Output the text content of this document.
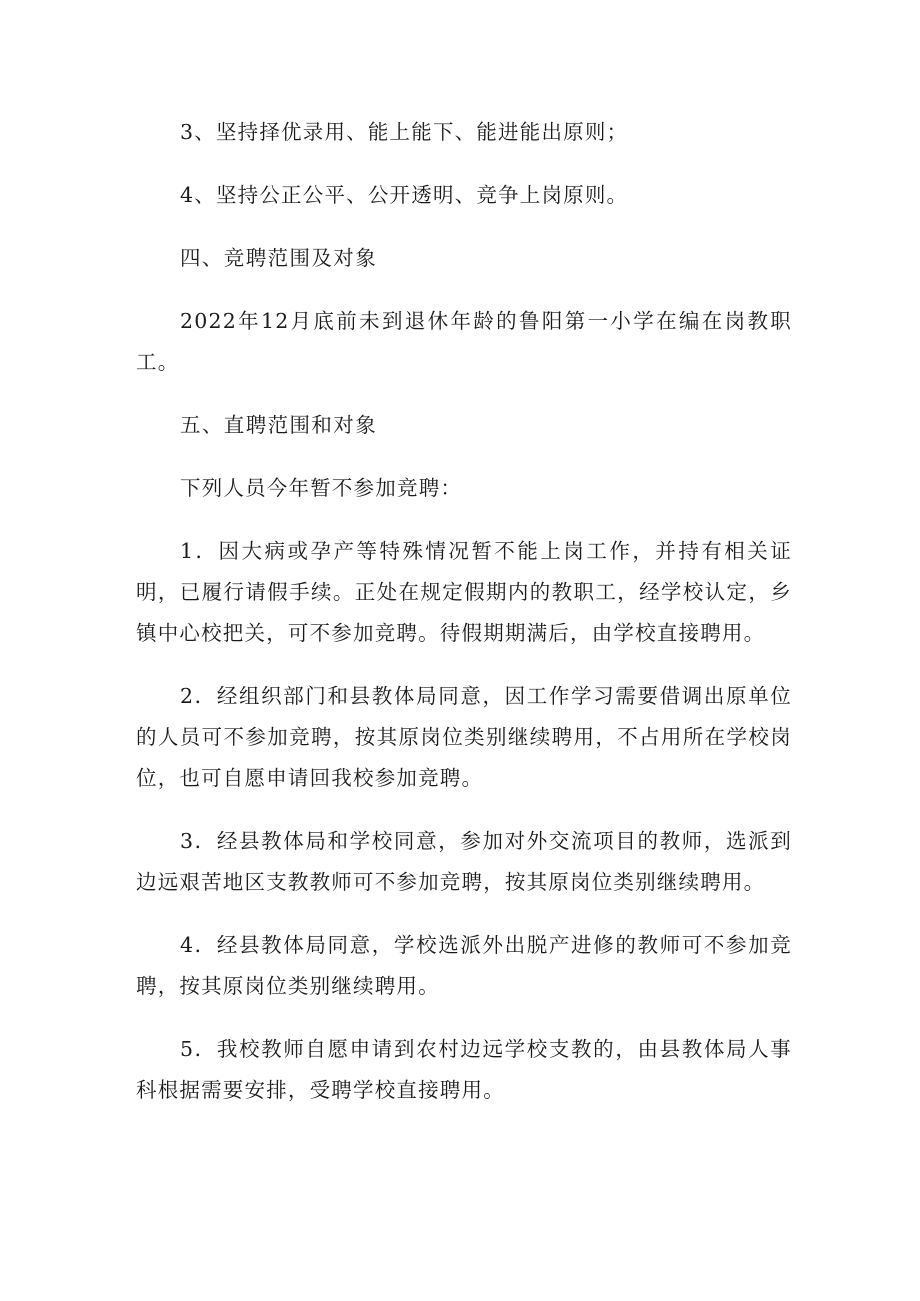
3、坚持择优录用、能上能下、能进能出原则；

4、坚持公正公平、公开透明、竞争上岗原则。

四、竞聘范围及对象

2022年12月底前未到退休年龄的鲁阳第一小学在编在岗教职工。

五、直聘范围和对象

下列人员今年暂不参加竞聘：

1．因大病或孕产等特殊情况暂不能上岗工作，并持有相关证明，已履行请假手续。正处在规定假期内的教职工，经学校认定，乡镇中心校把关，可不参加竞聘。待假期期满后，由学校直接聘用。

2．经组织部门和县教体局同意，因工作学习需要借调出原单位的人员可不参加竞聘，按其原岗位类别继续聘用，不占用所在学校岗位，也可自愿申请回我校参加竞聘。

3．经县教体局和学校同意，参加对外交流项目的教师，选派到边远艰苦地区支教教师可不参加竞聘，按其原岗位类别继续聘用。

4．经县教体局同意，学校选派外出脱产进修的教师可不参加竞聘，按其原岗位类别继续聘用。

5．我校教师自愿申请到农村边远学校支教的，由县教体局人事科根据需要安排，受聘学校直接聘用。
